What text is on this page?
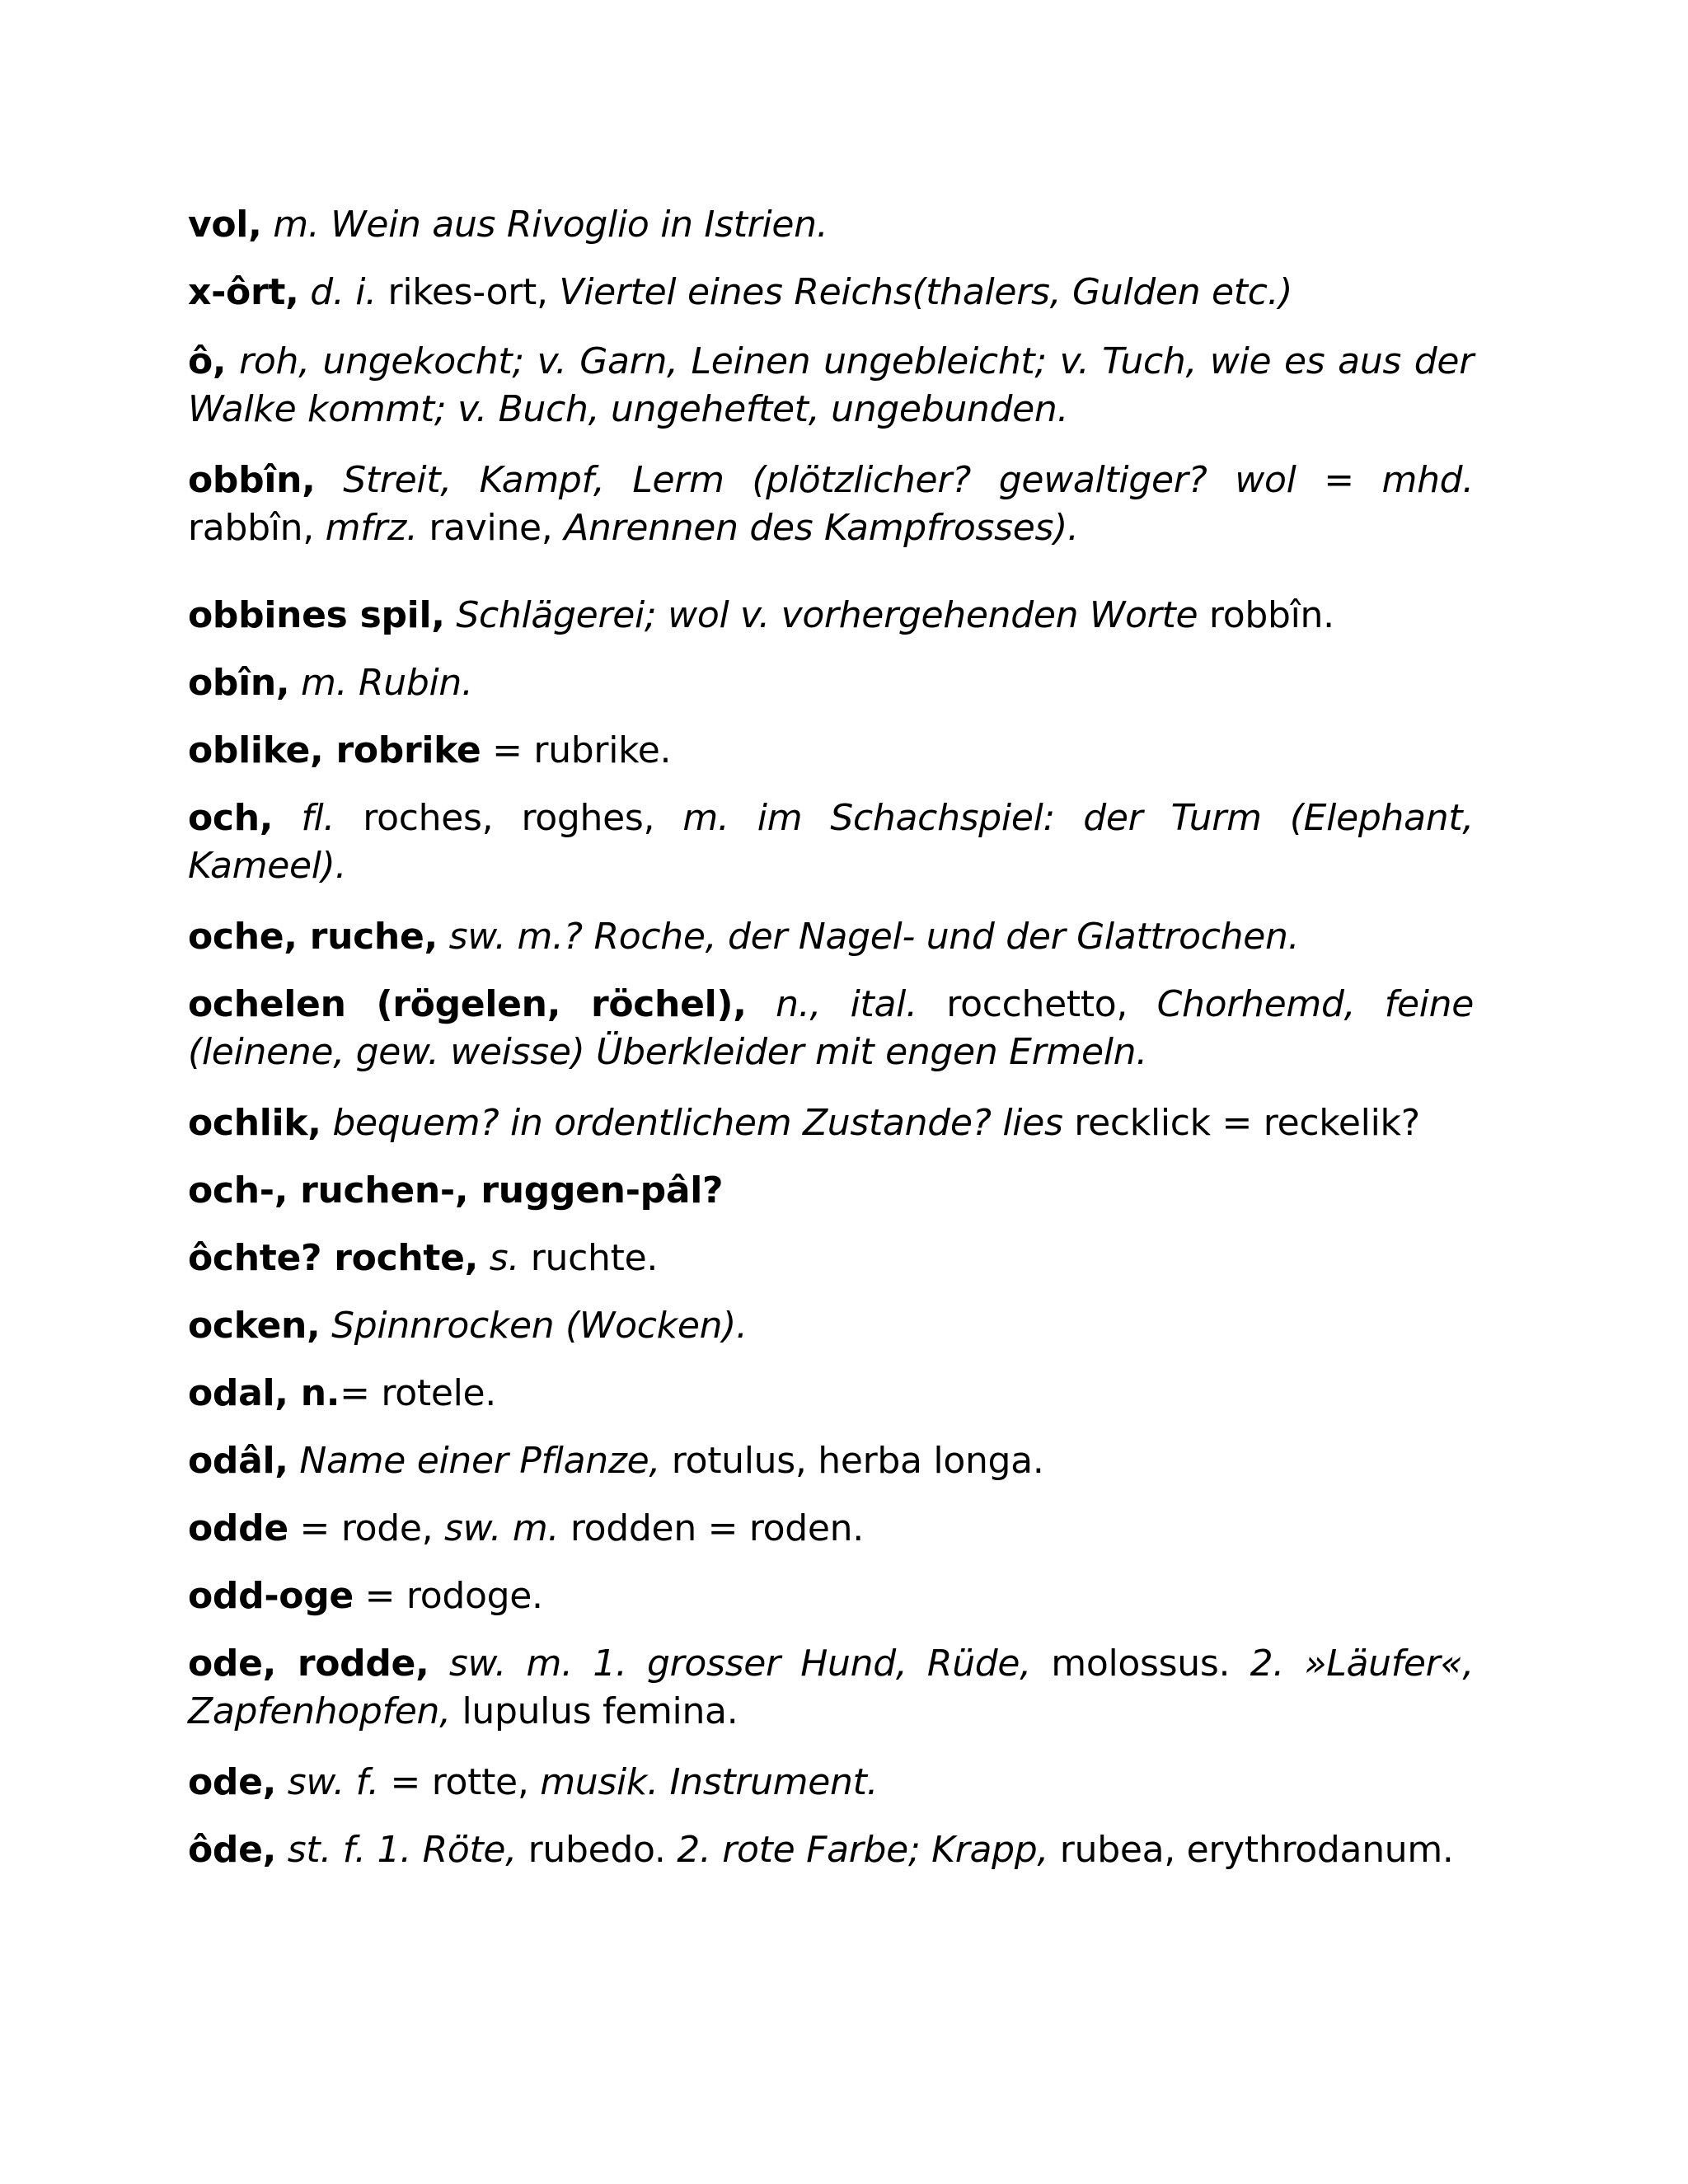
vol, m. Wein aus Rivoglio in Istrien.

x-ôrt, d. i. rikes-ort, Viertel eines Reichs(thalers, Gulden etc.)

ô, roh, ungekocht; v. Garn, Leinen ungebleicht; v. Tuch, wie es aus der Walke kommt; v. Buch, ungeheftet, ungebunden.

obbîn, Streit, Kampf, Lerm (plötzlicher? gewaltiger? wol = mhd. rabbîn, mfrz. ravine, Anrennen des Kampfrosses).

obbines spil, Schlägerei; wol v. vorhergehenden Worte robbîn.

obîn, m. Rubin.

oblike, robrike = rubrike.

och, fl. roches, roghes, m. im Schachspiel: der Turm (Elephant, Kameel).

oche, ruche, sw. m.? Roche, der Nagel- und der Glattrochen.

ochelen (rögelen, röchel), n., ital. rocchetto, Chorhemd, feine (leinene, gew. weisse) Überkleider mit engen Ermeln.

ochlik, bequem? in ordentlichem Zustande? lies recklick = reckelik?

och-, ruchen-, ruggen-pâl?

ôchte? rochte, s. ruchte.

ocken, Spinnrocken (Wocken).

odal, n.= rotele.

odâl, Name einer Pflanze, rotulus, herba longa.

odde = rode, sw. m. rodden = roden.

odd-oge = rodoge.

ode, rodde, sw. m. 1. grosser Hund, Rüde, molossus. 2. »Läufer«, Zapfenhopfen, lupulus femina.

ode, sw. f. = rotte, musik. Instrument.

ôde, st. f. 1. Röte, rubedo. 2. rote Farbe; Krapp, rubea, erythrodanum.
